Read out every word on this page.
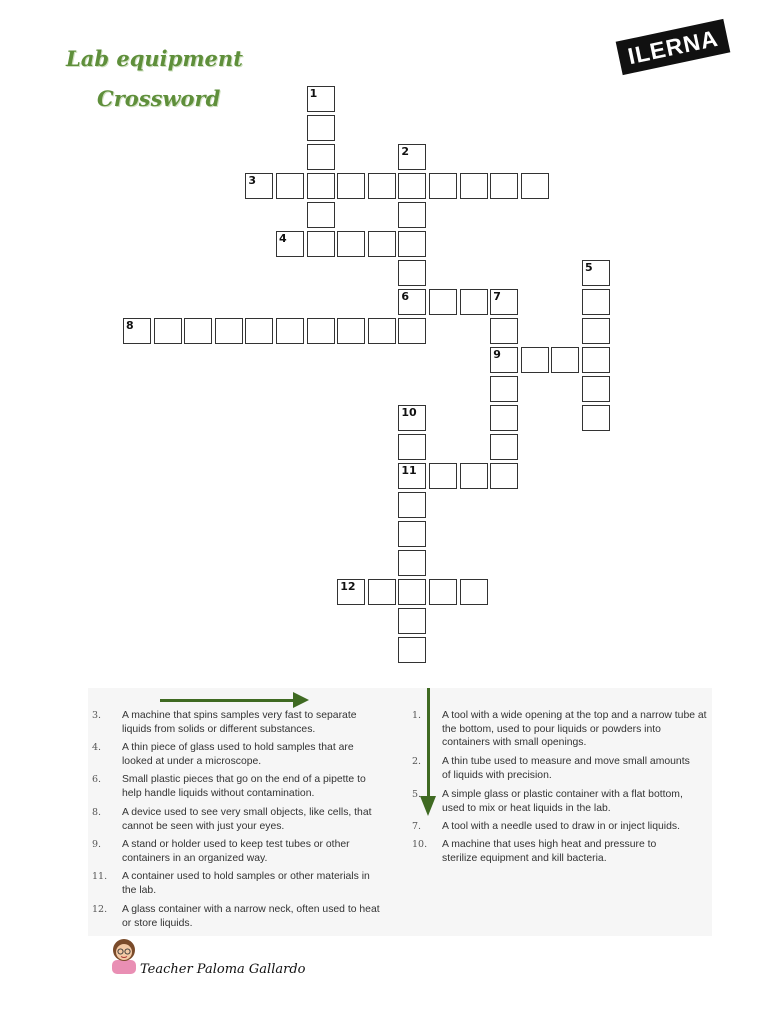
Lab equipment
Crossword
ILERNA
1
2
6
3
4
5
7
9
8
10
11
12
3.	A machine that spins samples very fast to separate liquids from solids or different substances.
4.	A thin piece of glass used to hold samples that are looked at under a microscope.
6.	Small plastic pieces that go on the end of a pipette to help handle liquids without contamination.
8.	A device used to see very small objects, like cells, that cannot be seen with just your eyes.
9.	A stand or holder used to keep test tubes or other containers in an organized way.
11.	A container used to hold samples or other materials in the lab.
12.	A glass container with a narrow neck, often used to heat or store liquids.
1.	A tool with a wide opening at the top and a narrow tube at the bottom, used to pour liquids or powders into containers with small openings.
2.	A thin tube used to measure and move small amounts of liquids with precision.
5.	A simple glass or plastic container with a flat bottom, used to mix or heat liquids in the lab.
7.	A tool with a needle used to draw in or inject liquids.
10.	A machine that uses high heat and pressure to sterilize equipment and kill bacteria.
Teacher Paloma Gallardo
